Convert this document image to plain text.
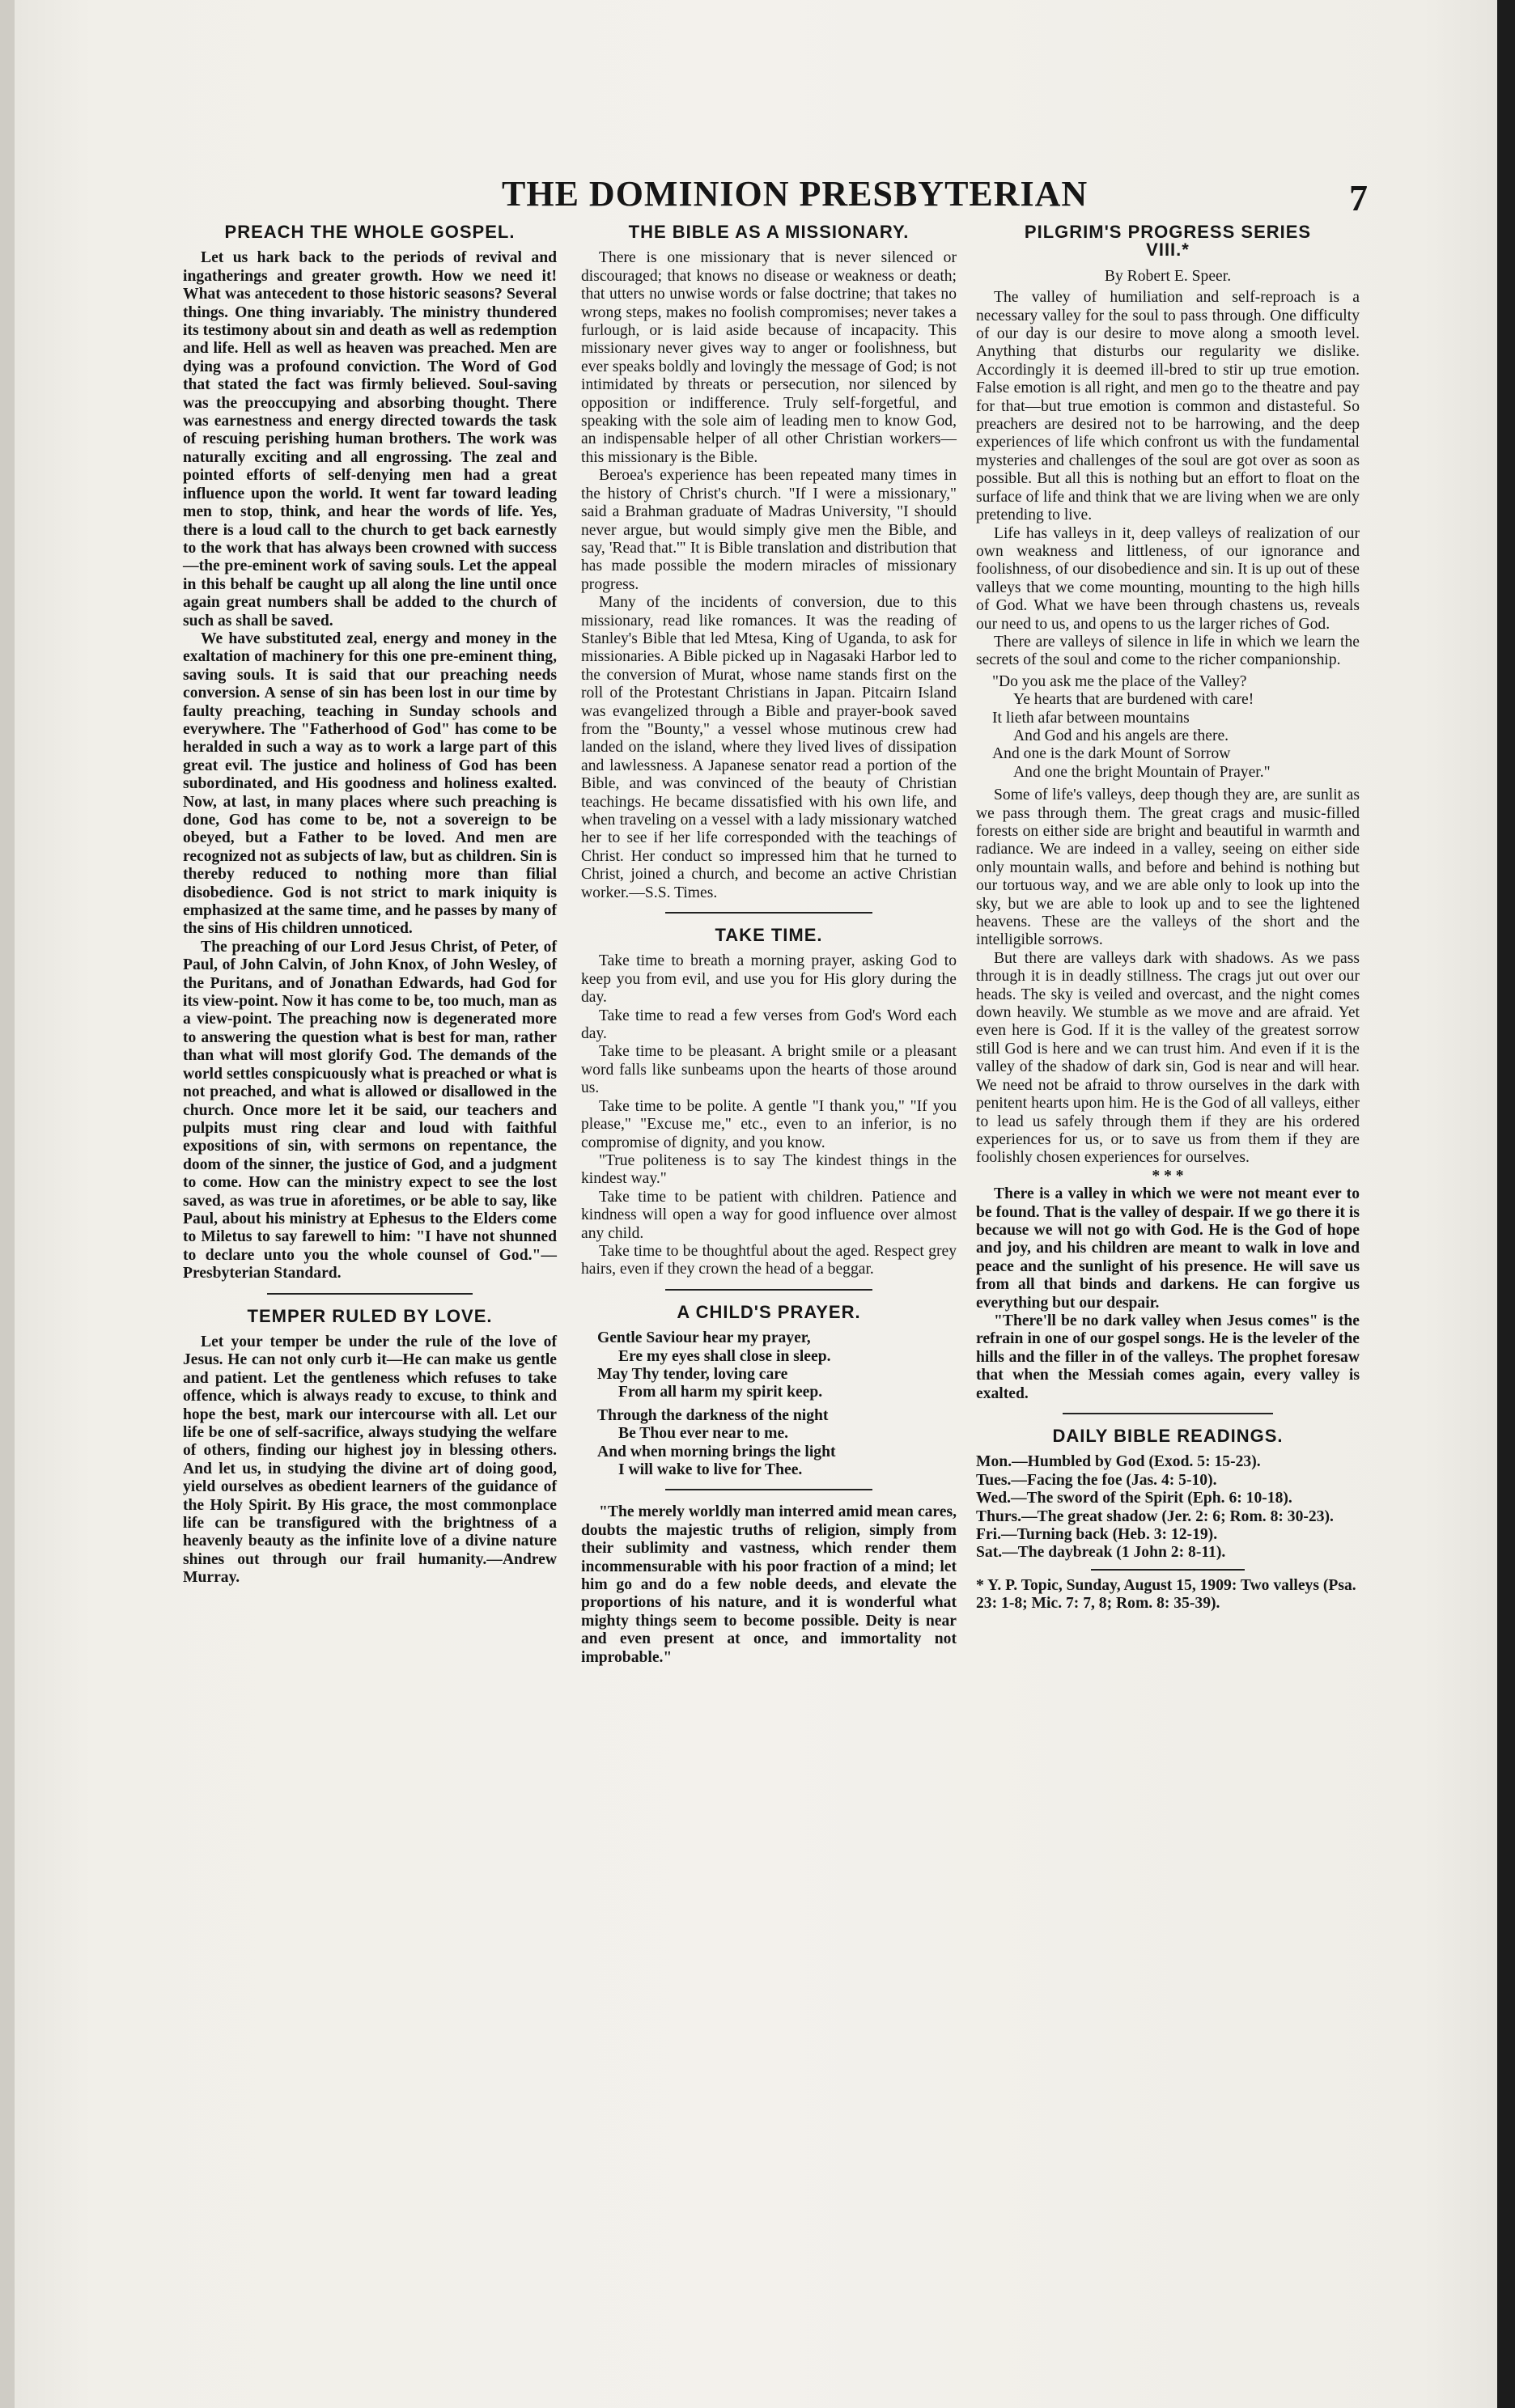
THE DOMINION PRESBYTERIAN	7
PREACH THE WHOLE GOSPEL.

Let us hark back to the periods of revival and ingatherings and greater growth. How we need it! What was antecedent to those historic seasons? Several things. One thing invariably. The ministry thundered its testimony about sin and death as well as redemption and life. Hell as well as heaven was preached. Men are dying was a profound conviction. The Word of God that stated the fact was firmly believed. Soul-saving was the preoccupying and absorbing thought. There was earnestness and energy directed towards the task of rescuing perishing human brothers. The work was naturally exciting and all engrossing. The zeal and pointed efforts of self-denying men had a great influence upon the world. It went far toward leading men to stop, think, and hear the words of life. Yes, there is a loud call to the church to get back earnestly to the work that has always been crowned with success—the pre-eminent work of saving souls. Let the appeal in this behalf be caught up all along the line until once again great numbers shall be added to the church of such as shall be saved.

We have substituted zeal, energy and money in the exaltation of machinery for this one pre-eminent thing, saving souls. It is said that our preaching needs conversion. A sense of sin has been lost in our time by faulty preaching, teaching in Sunday schools and everywhere. The "Fatherhood of God" has come to be heralded in such a way as to work a large part of this great evil. The justice and holiness of God has been subordinated, and His goodness and holiness exalted. Now, at last, in many places where such preaching is done, God has come to be, not a sovereign to be obeyed, but a Father to be loved. And men are recognized not as subjects of law, but as children. Sin is thereby reduced to nothing more than filial disobedience. God is not strict to mark iniquity is emphasized at the same time, and he passes by many of the sins of His children unnoticed.

The preaching of our Lord Jesus Christ, of Peter, of Paul, of John Calvin, of John Knox, of John Wesley, of the Puritans, and of Jonathan Edwards, had God for its view-point. Now it has come to be, too much, man as a view-point. The preaching now is degenerated more to answering the question what is best for man, rather than what will most glorify God. The demands of the world settles conspicuously what is preached or what is not preached, and what is allowed or disallowed in the church. Once more let it be said, our teachers and pulpits must ring clear and loud with faithful expositions of sin, with sermons on repentance, the doom of the sinner, the justice of God, and a judgment to come. How can the ministry expect to see the lost saved, as was true in aforetimes, or be able to say, like Paul, about his ministry at Ephesus to the Elders come to Miletus to say farewell to him: "I have not shunned to declare unto you the whole counsel of God."—Presbyterian Standard.

TEMPER RULED BY LOVE.

Let your temper be under the rule of the love of Jesus. He can not only curb it—He can make us gentle and patient. Let the gentleness which refuses to take offence, which is always ready to excuse, to think and hope the best, mark our intercourse with all. Let our life be one of self-sacrifice, always studying the welfare of others, finding our highest joy in blessing others. And let us, in studying the divine art of doing good, yield ourselves as obedient learners of the guidance of the Holy Spirit. By His grace, the most commonplace life can be transfigured with the brightness of a heavenly beauty as the infinite love of a divine nature shines out through our frail humanity.—Andrew Murray.

THE BIBLE AS A MISSIONARY.

There is one missionary that is never silenced or discouraged; that knows no disease or weakness or death; that utters no unwise words or false doctrine; that takes no wrong steps, makes no foolish compromises; never takes a furlough, or is laid aside because of incapacity. This missionary never gives way to anger or foolishness, but ever speaks boldly and lovingly the message of God; is not intimidated by threats or persecution, nor silenced by opposition or indifference. Truly self-forgetful, and speaking with the sole aim of leading men to know God, an indispensable helper of all other Christian workers—this missionary is the Bible.

Beroea's experience has been repeated many times in the history of Christ's church. "If I were a missionary," said a Brahman graduate of Madras University, "I should never argue, but would simply give men the Bible, and say, 'Read that.'" It is Bible translation and distribution that has made possible the modern miracles of missionary progress.

Many of the incidents of conversion, due to this missionary, read like romances. It was the reading of Stanley's Bible that led Mtesa, King of Uganda, to ask for missionaries. A Bible picked up in Nagasaki Harbor led to the conversion of Murat, whose name stands first on the roll of the Protestant Christians in Japan. Pitcairn Island was evangelized through a Bible and prayer-book saved from the "Bounty," a vessel whose mutinous crew had landed on the island, where they lived lives of dissipation and lawlessness. A Japanese senator read a portion of the Bible, and was convinced of the beauty of Christian teachings. He became dissatisfied with his own life, and when traveling on a vessel with a lady missionary watched her to see if her life corresponded with the teachings of Christ. Her conduct so impressed him that he turned to Christ, joined a church, and become an active Christian worker.—S.S. Times.

TAKE TIME.

Take time to breath a morning prayer, asking God to keep you from evil, and use you for His glory during the day.

Take time to read a few verses from God's Word each day.

Take time to be pleasant. A bright smile or a pleasant word falls like sunbeams upon the hearts of those around us.

Take time to be polite. A gentle "I thank you," "If you please," "Excuse me," etc., even to an inferior, is no compromise of dignity, and you know.

"True politeness is to say The kindest things in the kindest way."

Take time to be patient with children. Patience and kindness will open a way for good influence over almost any child.

Take time to be thoughtful about the aged. Respect grey hairs, even if they crown the head of a beggar.

A CHILD'S PRAYER.
Gentle Saviour hear my prayer,
Ere my eyes shall close in sleep.
May Thy tender, loving care
From all harm my spirit keep.
Through the darkness of the night
Be Thou ever near to me.
And when morning brings the light
I will wake to live for Thee.

"The merely worldly man interred amid mean cares, doubts the majestic truths of religion, simply from their sublimity and vastness, which render them incommensurable with his poor fraction of a mind; let him go and do a few noble deeds, and elevate the proportions of his nature, and it is wonderful what mighty things seem to become possible. Deity is near and even present at once, and immortality not improbable."

PILGRIM'S PROGRESS SERIES
VIII.*
By Robert E. Speer.

The valley of humiliation and self-reproach is a necessary valley for the soul to pass through. One difficulty of our day is our desire to move along a smooth level. Anything that disturbs our regularity we dislike. Accordingly it is deemed ill-bred to stir up true emotion. False emotion is all right, and men go to the theatre and pay for that—but true emotion is common and distasteful. So preachers are desired not to be harrowing, and the deep experiences of life which confront us with the fundamental mysteries and challenges of the soul are got over as soon as possible. But all this is nothing but an effort to float on the surface of life and think that we are living when we are only pretending to live.

Life has valleys in it, deep valleys of realization of our own weakness and littleness, of our ignorance and foolishness, of our disobedience and sin. It is up out of these valleys that we come mounting, mounting to the high hills of God. What we have been through chastens us, reveals our need to us, and opens to us the larger riches of God.

There are valleys of silence in life in which we learn the secrets of the soul and come to the richer companionship.

"Do you ask me the place of the Valley?
Ye hearts that are burdened with care!
It lieth afar between mountains
And God and his angels are there.
And one is the dark Mount of Sorrow
And one the bright Mountain of Prayer."

Some of life's valleys, deep though they are, are sunlit as we pass through them. The great crags and music-filled forests on either side are bright and beautiful in warmth and radiance. We are indeed in a valley, seeing on either side only mountain walls, and before and behind is nothing but our tortuous way, and we are able only to look up into the sky, but we are able to look up and to see the lightened heavens. These are the valleys of the short and the intelligible sorrows.

But there are valleys dark with shadows. As we pass through it is in deadly stillness. The crags jut out over our heads. The sky is veiled and overcast, and the night comes down heavily. We stumble as we move and are afraid. Yet even here is God. If it is the valley of the greatest sorrow still God is here and we can trust him. And even if it is the valley of the shadow of dark sin, God is near and will hear. We need not be afraid to throw ourselves in the dark with penitent hearts upon him. He is the God of all valleys, either to lead us safely through them if they are his ordered experiences for us, or to save us from them if they are foolishly chosen experiences for ourselves.

* * *

There is a valley in which we were not meant ever to be found. That is the valley of despair. If we go there it is because we will not go with God. He is the God of hope and joy, and his children are meant to walk in love and peace and the sunlight of his presence. He will save us from all that binds and darkens. He can forgive us everything but our despair.

"There'll be no dark valley when Jesus comes" is the refrain in one of our gospel songs. He is the leveler of the hills and the filler in of the valleys. The prophet foresaw that when the Messiah comes again, every valley is exalted.

DAILY BIBLE READINGS.
Mon.—Humbled by God (Exod. 5: 15-23).
Tues.—Facing the foe (Jas. 4: 5-10).
Wed.—The sword of the Spirit (Eph. 6: 10-18).
Thurs.—The great shadow (Jer. 2: 6; Rom. 8: 30-23).
Fri.—Turning back (Heb. 3: 12-19).
Sat.—The daybreak (1 John 2: 8-11).
* Y. P. Topic, Sunday, August 15, 1909: Two valleys (Psa. 23: 1-8; Mic. 7: 7, 8; Rom. 8: 35-39).
